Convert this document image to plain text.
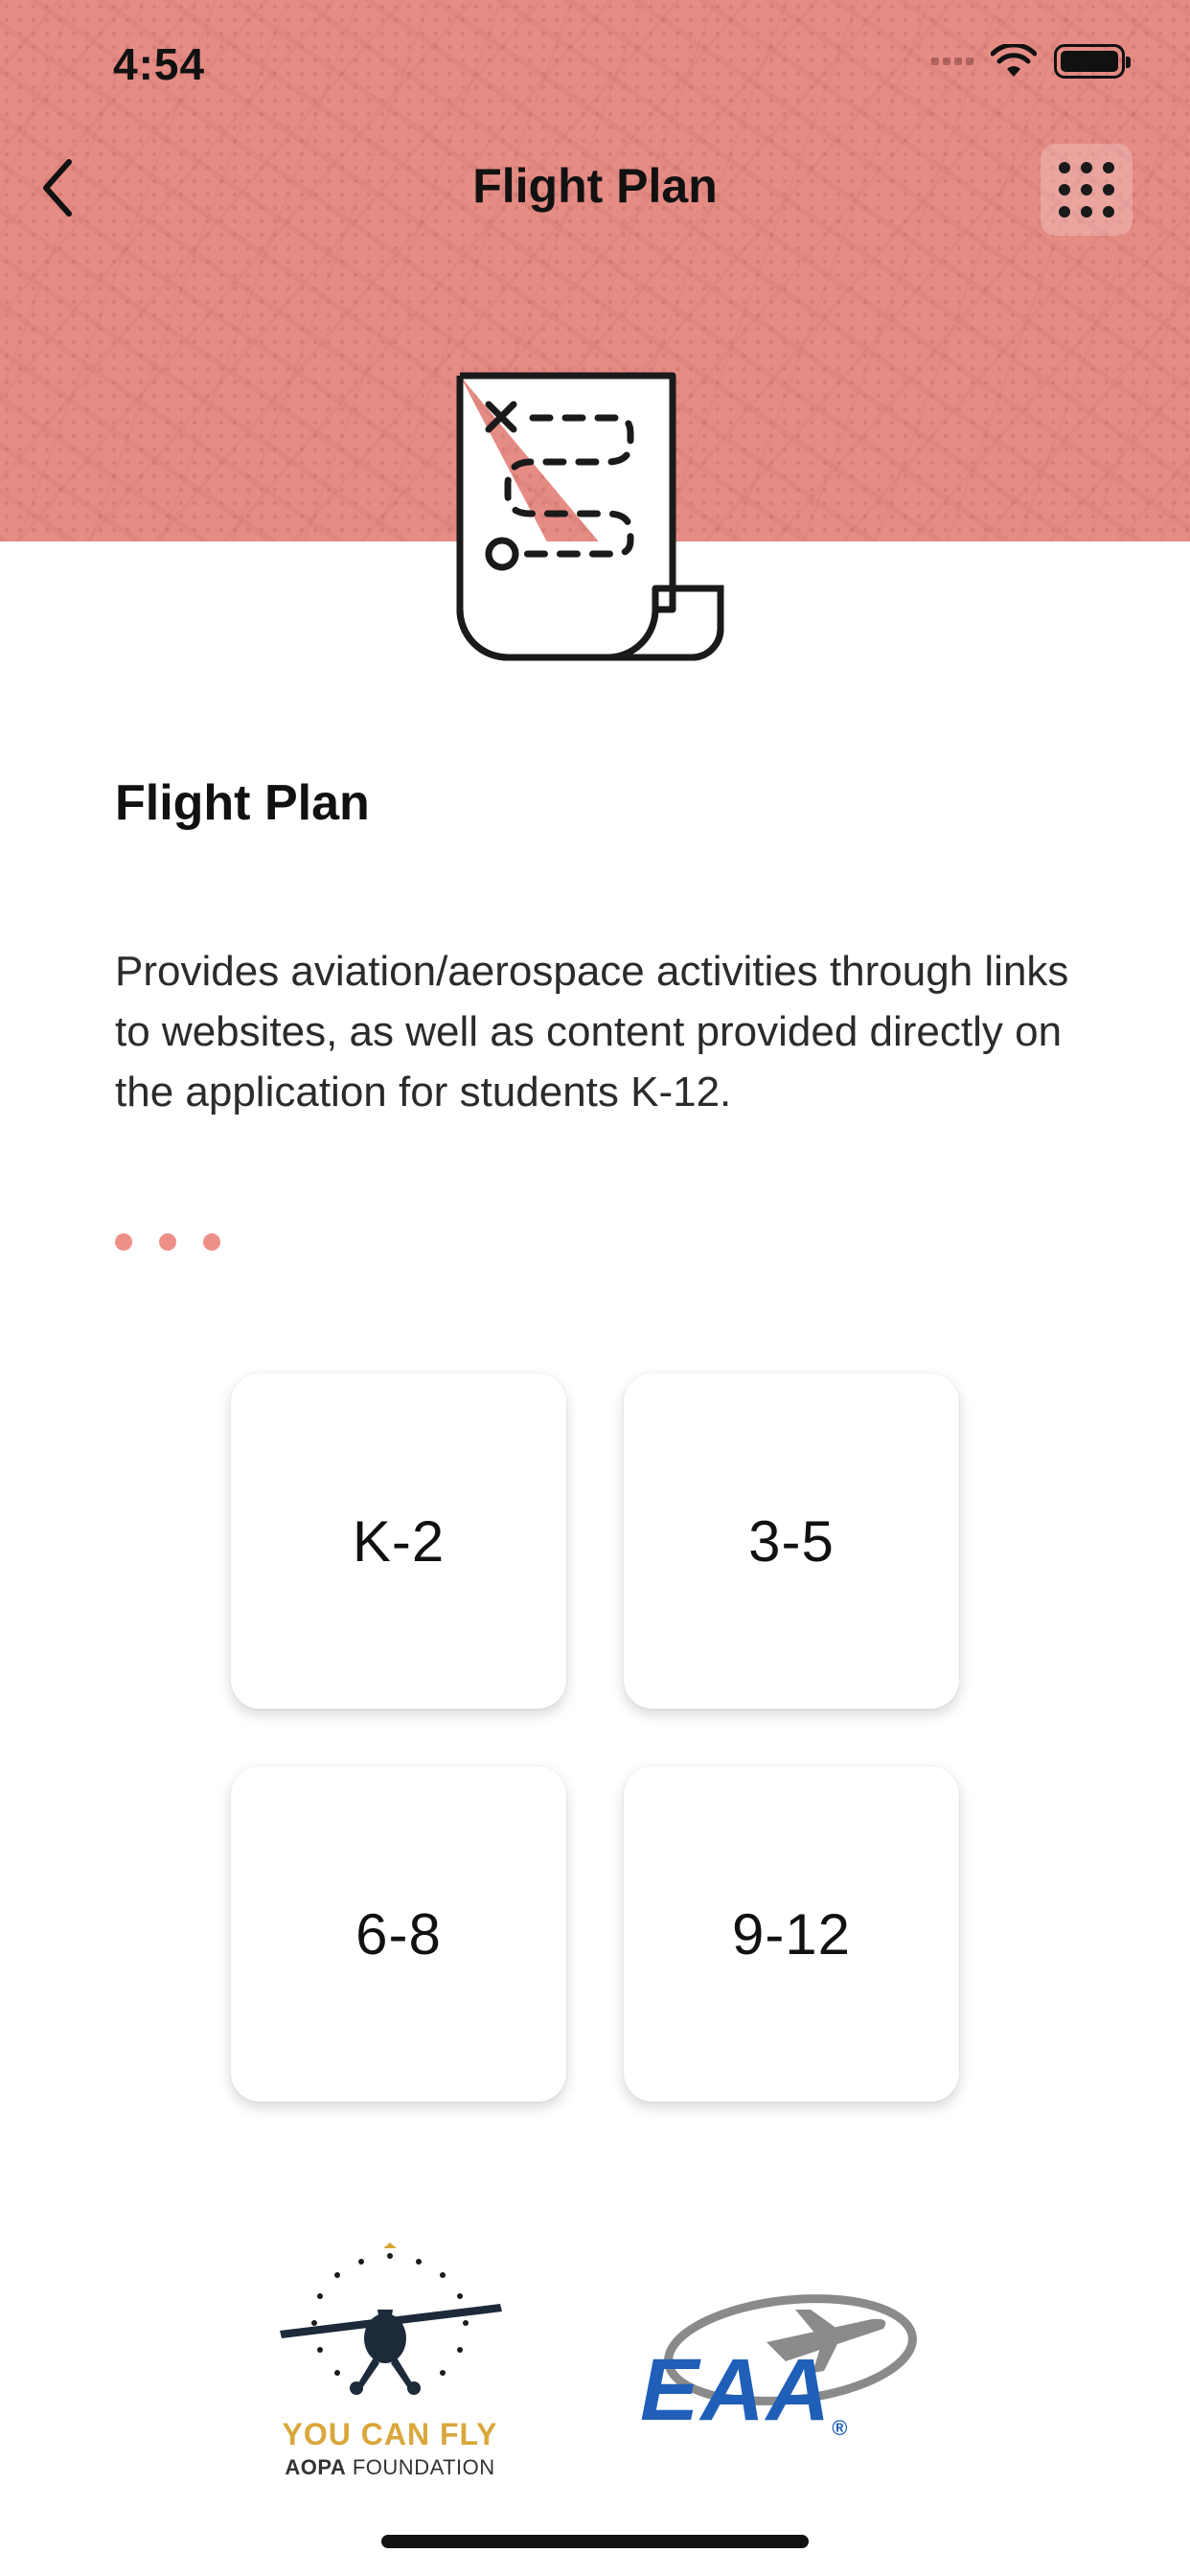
4:54
Flight Plan
Flight Plan
Provides aviation/aerospace activities through links to websites, as well as content provided directly on the application for students K-12.
K-2	3-5
6-8	9-12
YOU CAN FLY
AOPA FOUNDATION
EAA®
